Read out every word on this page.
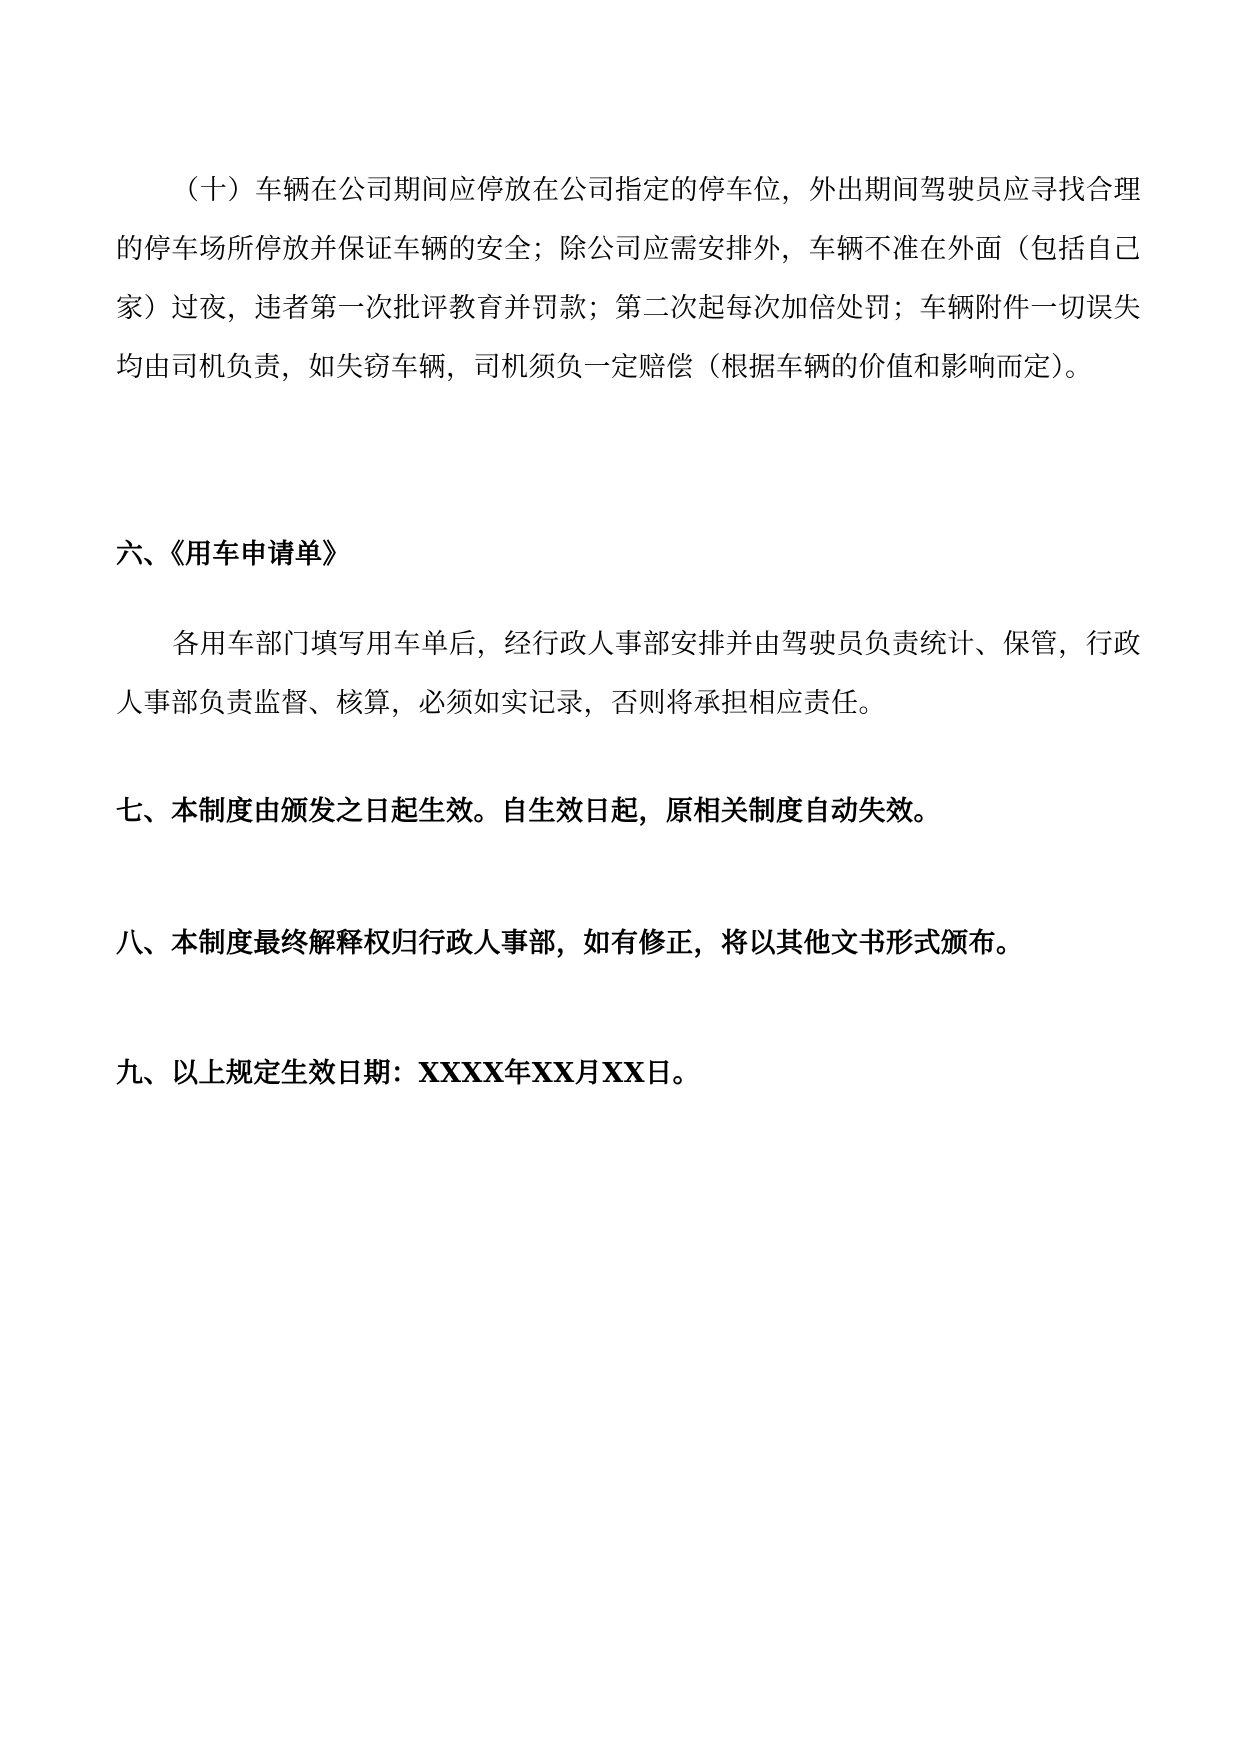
（十）车辆在公司期间应停放在公司指定的停车位，外出期间驾驶员应寻找合理的停车场所停放并保证车辆的安全；除公司应需安排外，车辆不准在外面（包括自己家）过夜，违者第一次批评教育并罚款；第二次起每次加倍处罚；车辆附件一切误失均由司机负责，如失窃车辆，司机须负一定赔偿（根据车辆的价值和影响而定）。

六、《用车申请单》

各用车部门填写用车单后，经行政人事部安排并由驾驶员负责统计、保管，行政人事部负责监督、核算，必须如实记录，否则将承担相应责任。

七、本制度由颁发之日起生效。自生效日起，原相关制度自动失效。
八、本制度最终解释权归行政人事部，如有修正，将以其他文书形式颁布。
九、以上规定生效日期：XXXX年XX月XX日。
